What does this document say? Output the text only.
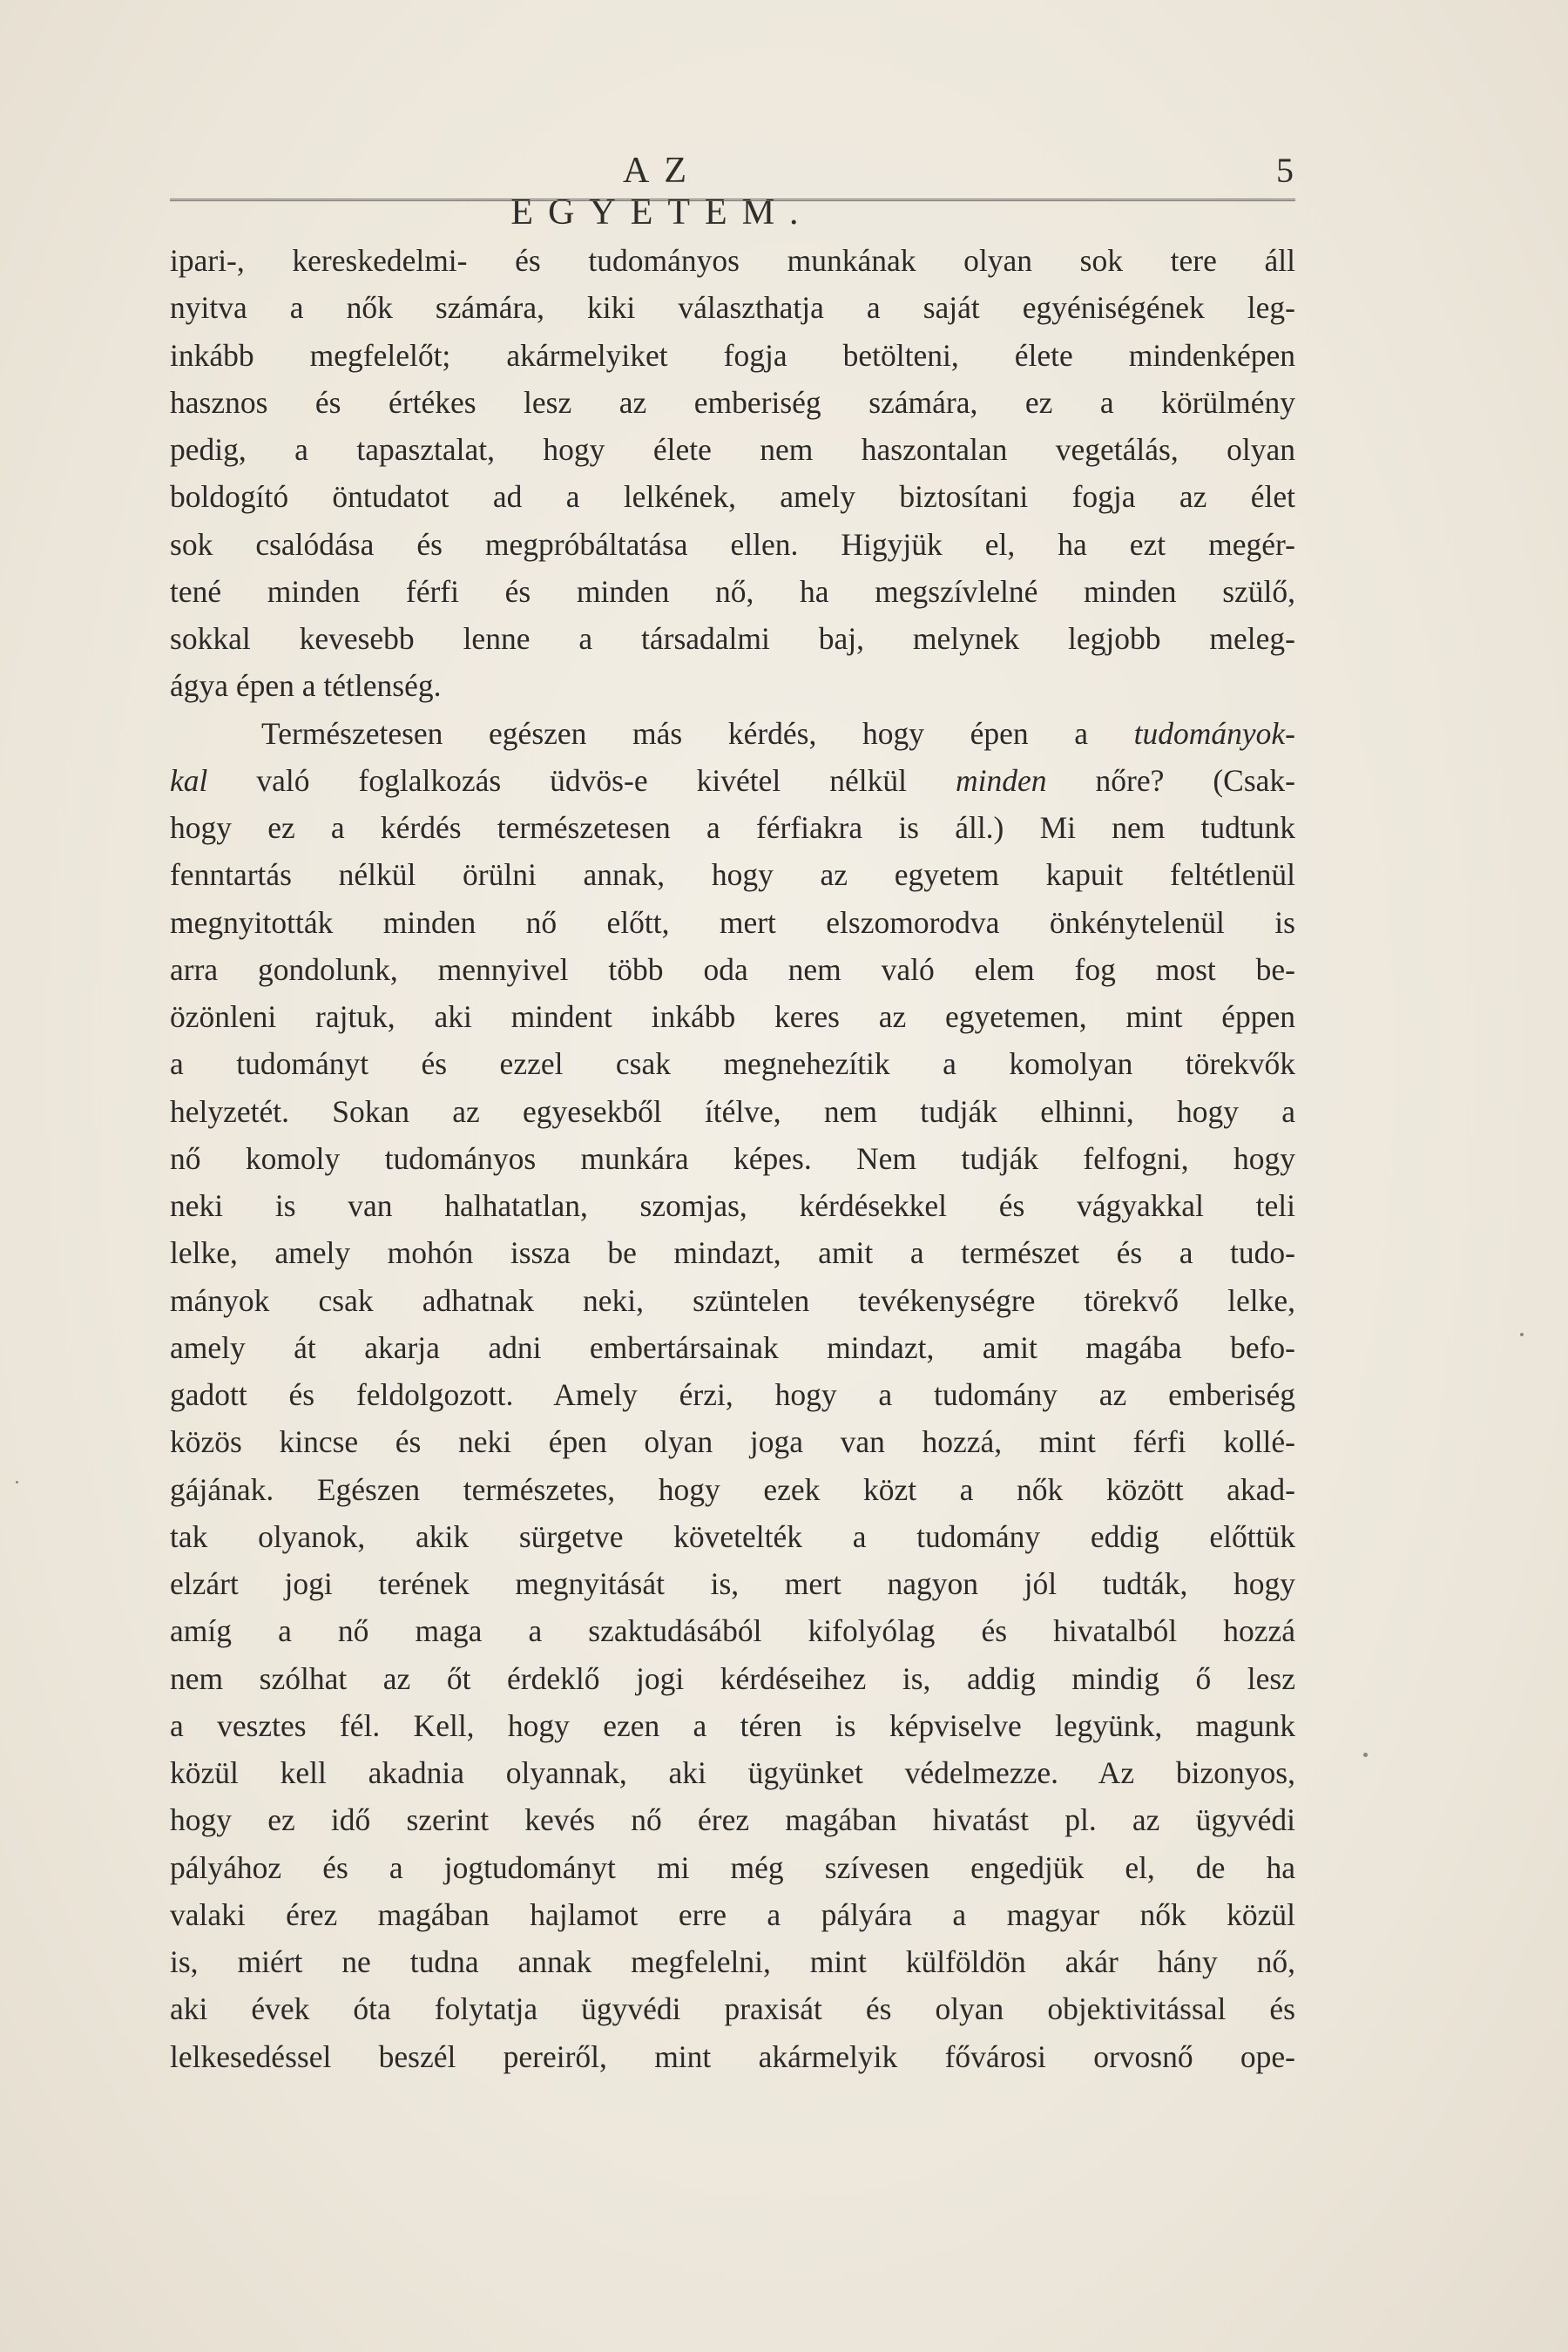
AZ EGYETEM.
5
ipari-, kereskedelmi- és tudományos munkának olyan sok tere áll
nyitva a nők számára, kiki választhatja a saját egyéniségének leg-
inkább megfelelőt; akármelyiket fogja betölteni, élete mindenképen
hasznos és értékes lesz az emberiség számára, ez a körülmény
pedig, a tapasztalat, hogy élete nem haszontalan vegetálás, olyan
boldogító öntudatot ad a lelkének, amely biztosítani fogja az élet
sok csalódása és megpróbáltatása ellen. Higyjük el, ha ezt megér-
tené minden férfi és minden nő, ha megszívlelné minden szülő,
sokkal kevesebb lenne a társadalmi baj, melynek legjobb meleg-
ágya épen a tétlenség.
Természetesen egészen más kérdés, hogy épen a tudományok-
kal való foglalkozás üdvös-e kivétel nélkül minden nőre? (Csak-
hogy ez a kérdés természetesen a férfiakra is áll.) Mi nem tudtunk
fenntartás nélkül örülni annak, hogy az egyetem kapuit feltétlenül
megnyitották minden nő előtt, mert elszomorodva önkénytelenül is
arra gondolunk, mennyivel több oda nem való elem fog most be-
özönleni rajtuk, aki mindent inkább keres az egyetemen, mint éppen
a tudományt és ezzel csak megnehezítik a komolyan törekvők
helyzetét. Sokan az egyesekből ítélve, nem tudják elhinni, hogy a
nő komoly tudományos munkára képes. Nem tudják felfogni, hogy
neki is van halhatatlan, szomjas, kérdésekkel és vágyakkal teli
lelke, amely mohón issza be mindazt, amit a természet és a tudo-
mányok csak adhatnak neki, szüntelen tevékenységre törekvő lelke,
amely át akarja adni embertársainak mindazt, amit magába befo-
gadott és feldolgozott. Amely érzi, hogy a tudomány az emberiség
közös kincse és neki épen olyan joga van hozzá, mint férfi kollé-
gájának. Egészen természetes, hogy ezek közt a nők között akad-
tak olyanok, akik sürgetve követelték a tudomány eddig előttük
elzárt jogi terének megnyitását is, mert nagyon jól tudták, hogy
amíg a nő maga a szaktudásából kifolyólag és hivatalból hozzá
nem szólhat az őt érdeklő jogi kérdéseihez is, addig mindig ő lesz
a vesztes fél. Kell, hogy ezen a téren is képviselve legyünk, magunk
közül kell akadnia olyannak, aki ügyünket védelmezze. Az bizonyos,
hogy ez idő szerint kevés nő érez magában hivatást pl. az ügyvédi
pályához és a jogtudományt mi még szívesen engedjük el, de ha
valaki érez magában hajlamot erre a pályára a magyar nők közül
is, miért ne tudna annak megfelelni, mint külföldön akár hány nő,
aki évek óta folytatja ügyvédi praxisát és olyan objektivitással és
lelkesedéssel beszél pereiről, mint akármelyik fővárosi orvosnő ope-
